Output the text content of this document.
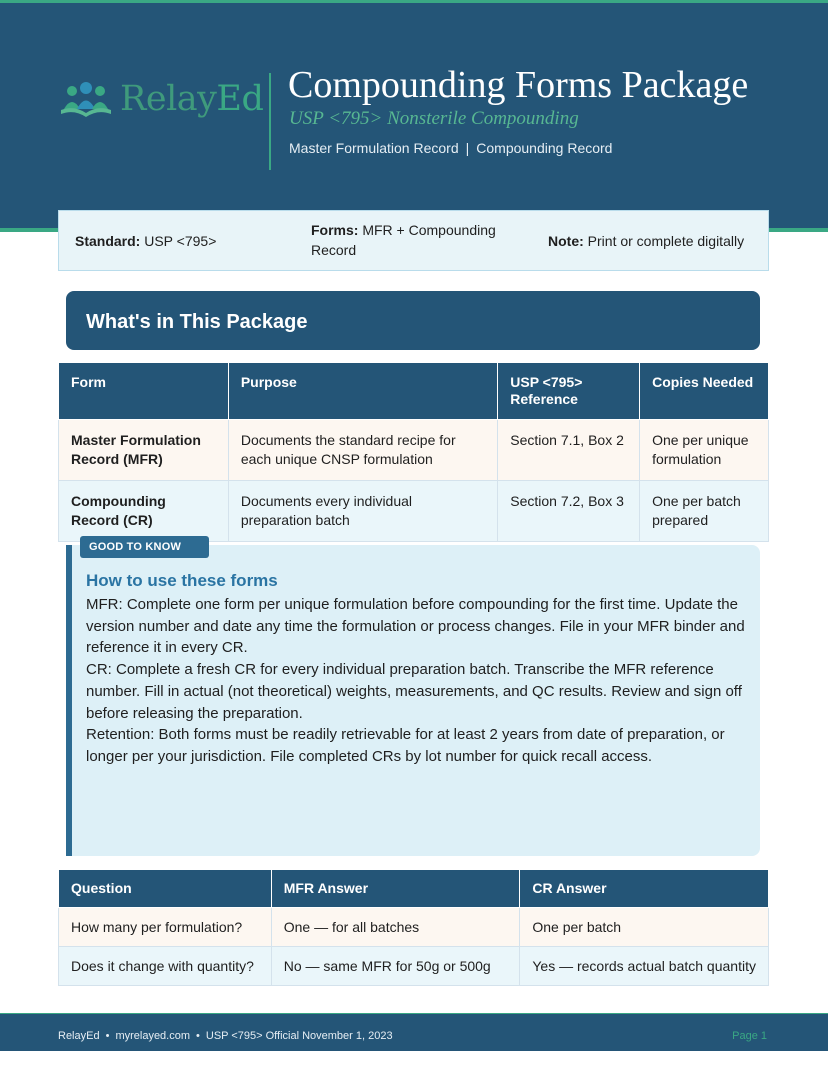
RelayEd Compounding Forms Package
USP <795> Nonsterile Compounding
Master Formulation Record | Compounding Record
Standard: USP <795>
Forms: MFR + Compounding Record
Note: Print or complete digitally
What's in This Package
Form	Purpose	USP <795> Reference	Copies Needed
Master Formulation Record (MFR)	Documents the standard recipe for each unique CNSP formulation	Section 7.1, Box 2	One per unique formulation
Compounding Record (CR)	Documents every individual preparation batch	Section 7.2, Box 3	One per batch prepared
How to use these forms

MFR: Complete one form per unique formulation before compounding for the first time. Update the version number and date any time the formulation or process changes. File in your MFR binder and reference it in every CR.

CR: Complete a fresh CR for every individual preparation batch. Transcribe the MFR reference number. Fill in actual (not theoretical) weights, measurements, and QC results. Review and sign off before releasing the preparation.

Retention: Both forms must be readily retrievable for at least 2 years from date of preparation, or longer per your jurisdiction. File completed CRs by lot number for quick recall access.

GOOD TO KNOW
Question	MFR Answer	CR Answer
How many per formulation?	One — for all batches	One per batch
Does it change with quantity?	No — same MFR for 50g or 500g	Yes — records actual batch quantity
RelayEd • myrelayed.com • USP <795> Official November 1, 2023	Page 1
